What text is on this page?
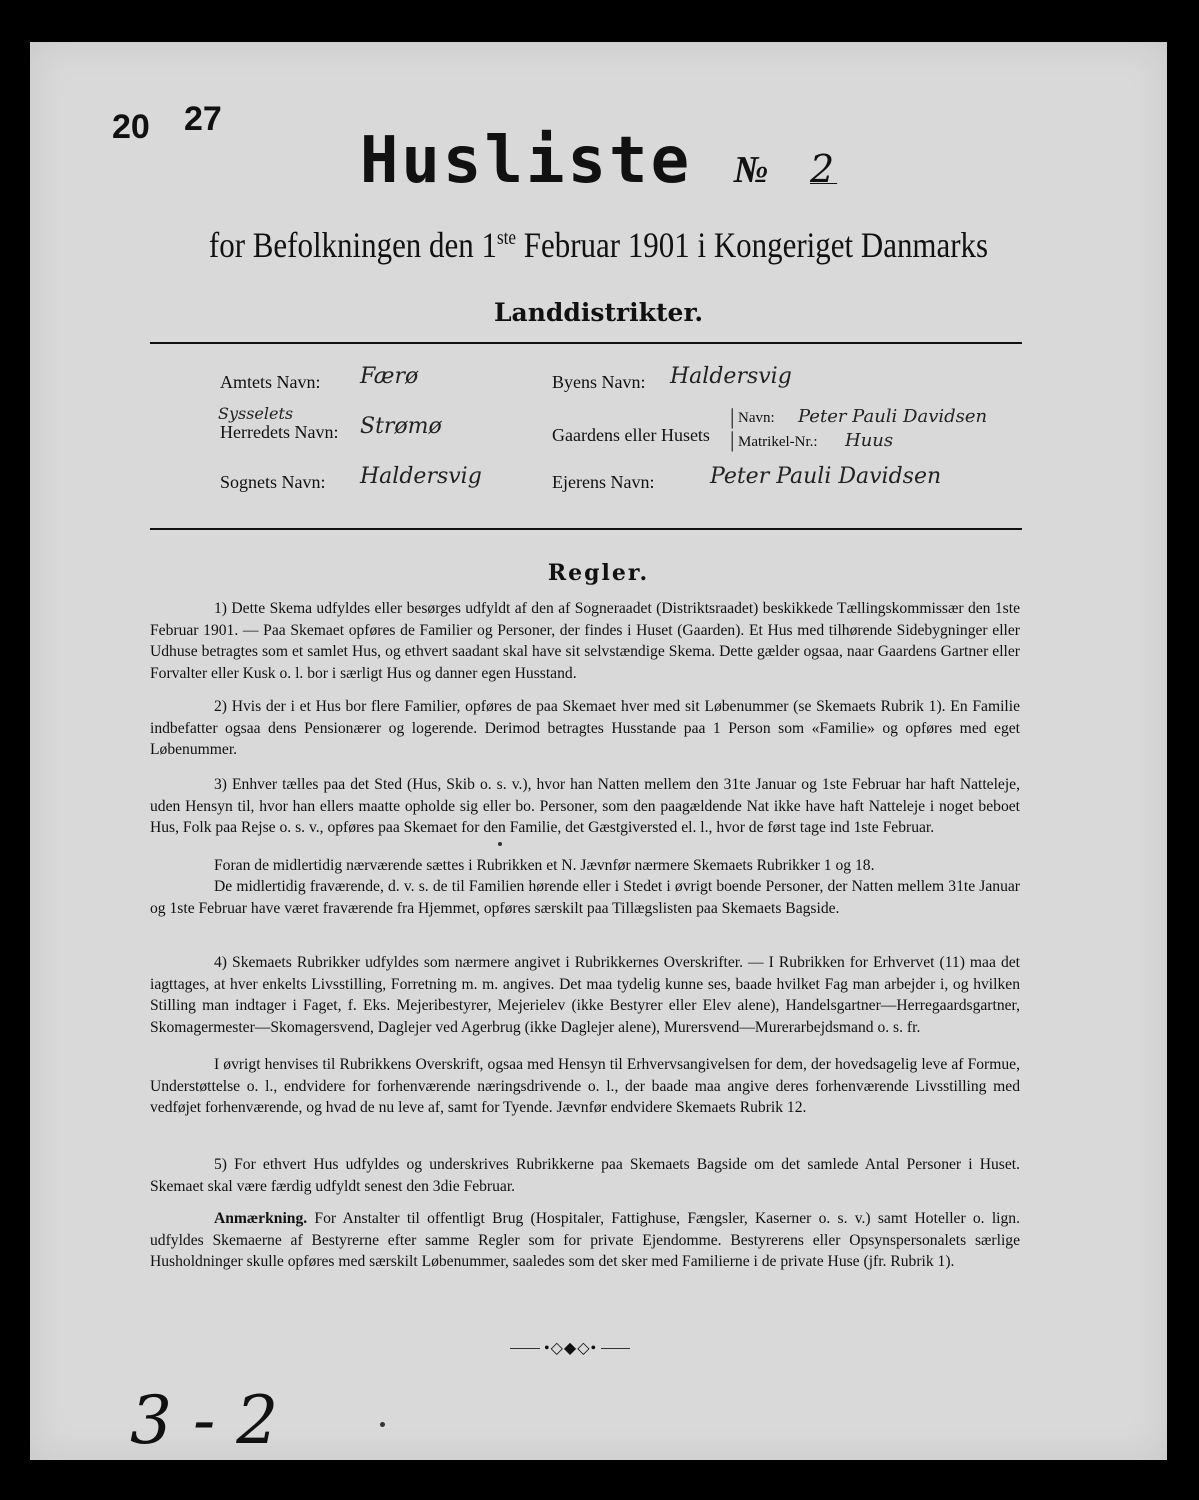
20 27
Husliste № 2
for Befolkningen den 1ste Februar 1901 i Kongeriget Danmarks
Landdistrikter.
Amtets Navn: Færø
Sysselets
Herredets Navn: Strømø
Sognets Navn: Haldersvig
Byens Navn: Haldersvig
Gaardens eller Husets
|
|
Navn: Peter Pauli Davidsen
Matrikel-Nr.: Huus
Ejerens Navn:	Peter Pauli Davidsen
Regler.
1) Dette Skema udfyldes eller besørges udfyldt af den af Sogneraadet (Distriktsraadet) beskikkede Tællingskommissær den 1ste Februar 1901. — Paa Skemaet opføres de Familier og Personer, der findes i Huset (Gaarden). Et Hus med tilhørende Sidebygninger eller Udhuse betragtes som et samlet Hus, og ethvert saadant skal have sit selvstændige Skema. Dette gælder ogsaa, naar Gaardens Gartner eller Forvalter eller Kusk o. l. bor i særligt Hus og danner egen Husstand.
2) Hvis der i et Hus bor flere Familier, opføres de paa Skemaet hver med sit Løbenummer (se Skemaets Rubrik 1). En Familie indbefatter ogsaa dens Pensionærer og logerende. Derimod betragtes Husstande paa 1 Person som «Familie» og opføres med eget Løbenummer.
3) Enhver tælles paa det Sted (Hus, Skib o. s. v.), hvor han Natten mellem den 31te Januar og 1ste Februar har haft Natteleje, uden Hensyn til, hvor han ellers maatte opholde sig eller bo. Personer, som den paagældende Nat ikke have haft Natteleje i noget beboet Hus, Folk paa Rejse o. s. v., opføres paa Skemaet for den Familie, det Gæstgiversted el. l., hvor de først tage ind 1ste Februar.
Foran de midlertidig nærværende sættes i Rubrikken et N. Jævnfør nærmere Skemaets Rubrikker 1 og 18.
De midlertidig fraværende, d. v. s. de til Familien hørende eller i Stedet i øvrigt boende Personer, der Natten mellem 31te Januar og 1ste Februar have været fraværende fra Hjemmet, opføres særskilt paa Tillægslisten paa Skemaets Bagside.
4) Skemaets Rubrikker udfyldes som nærmere angivet i Rubrikkernes Overskrifter. — I Rubrikken for Erhvervet (11) maa det iagttages, at hver enkelts Livsstilling, Forretning m. m. angives. Det maa tydelig kunne ses, baade hvilket Fag man arbejder i, og hvilken Stilling man indtager i Faget, f. Eks. Mejeribestyrer, Mejerielev (ikke Bestyrer eller Elev alene), Handelsgartner—Herregaardsgartner, Skomagermester—Skomagersvend, Daglejer ved Agerbrug (ikke Daglejer alene), Murersvend—Murerarbejdsmand o. s. fr.
I øvrigt henvises til Rubrikkens Overskrift, ogsaa med Hensyn til Erhvervsangivelsen for dem, der hovedsagelig leve af Formue, Understøttelse o. l., endvidere for forhenværende næringsdrivende o. l., der baade maa angive deres forhenværende Livsstilling med vedføjet forhenværende, og hvad de nu leve af, samt for Tyende. Jævnfør endvidere Skemaets Rubrik 12.
5) For ethvert Hus udfyldes og underskrives Rubrikkerne paa Skemaets Bagside om det samlede Antal Personer i Huset. Skemaet skal være færdig udfyldt senest den 3die Februar.
Anmærkning. For Anstalter til offentligt Brug (Hospitaler, Fattighuse, Fængsler, Kaserner o. s. v.) samt Hoteller o. lign. udfyldes Skemaerne af Bestyrerne efter samme Regler som for private Ejendomme. Bestyrerens eller Opsynspersonalets særlige Husholdninger skulle opføres med særskilt Løbenummer, saaledes som det sker med Familierne i de private Huse (jfr. Rubrik 1).
•◇◆◇•
3 - 2
